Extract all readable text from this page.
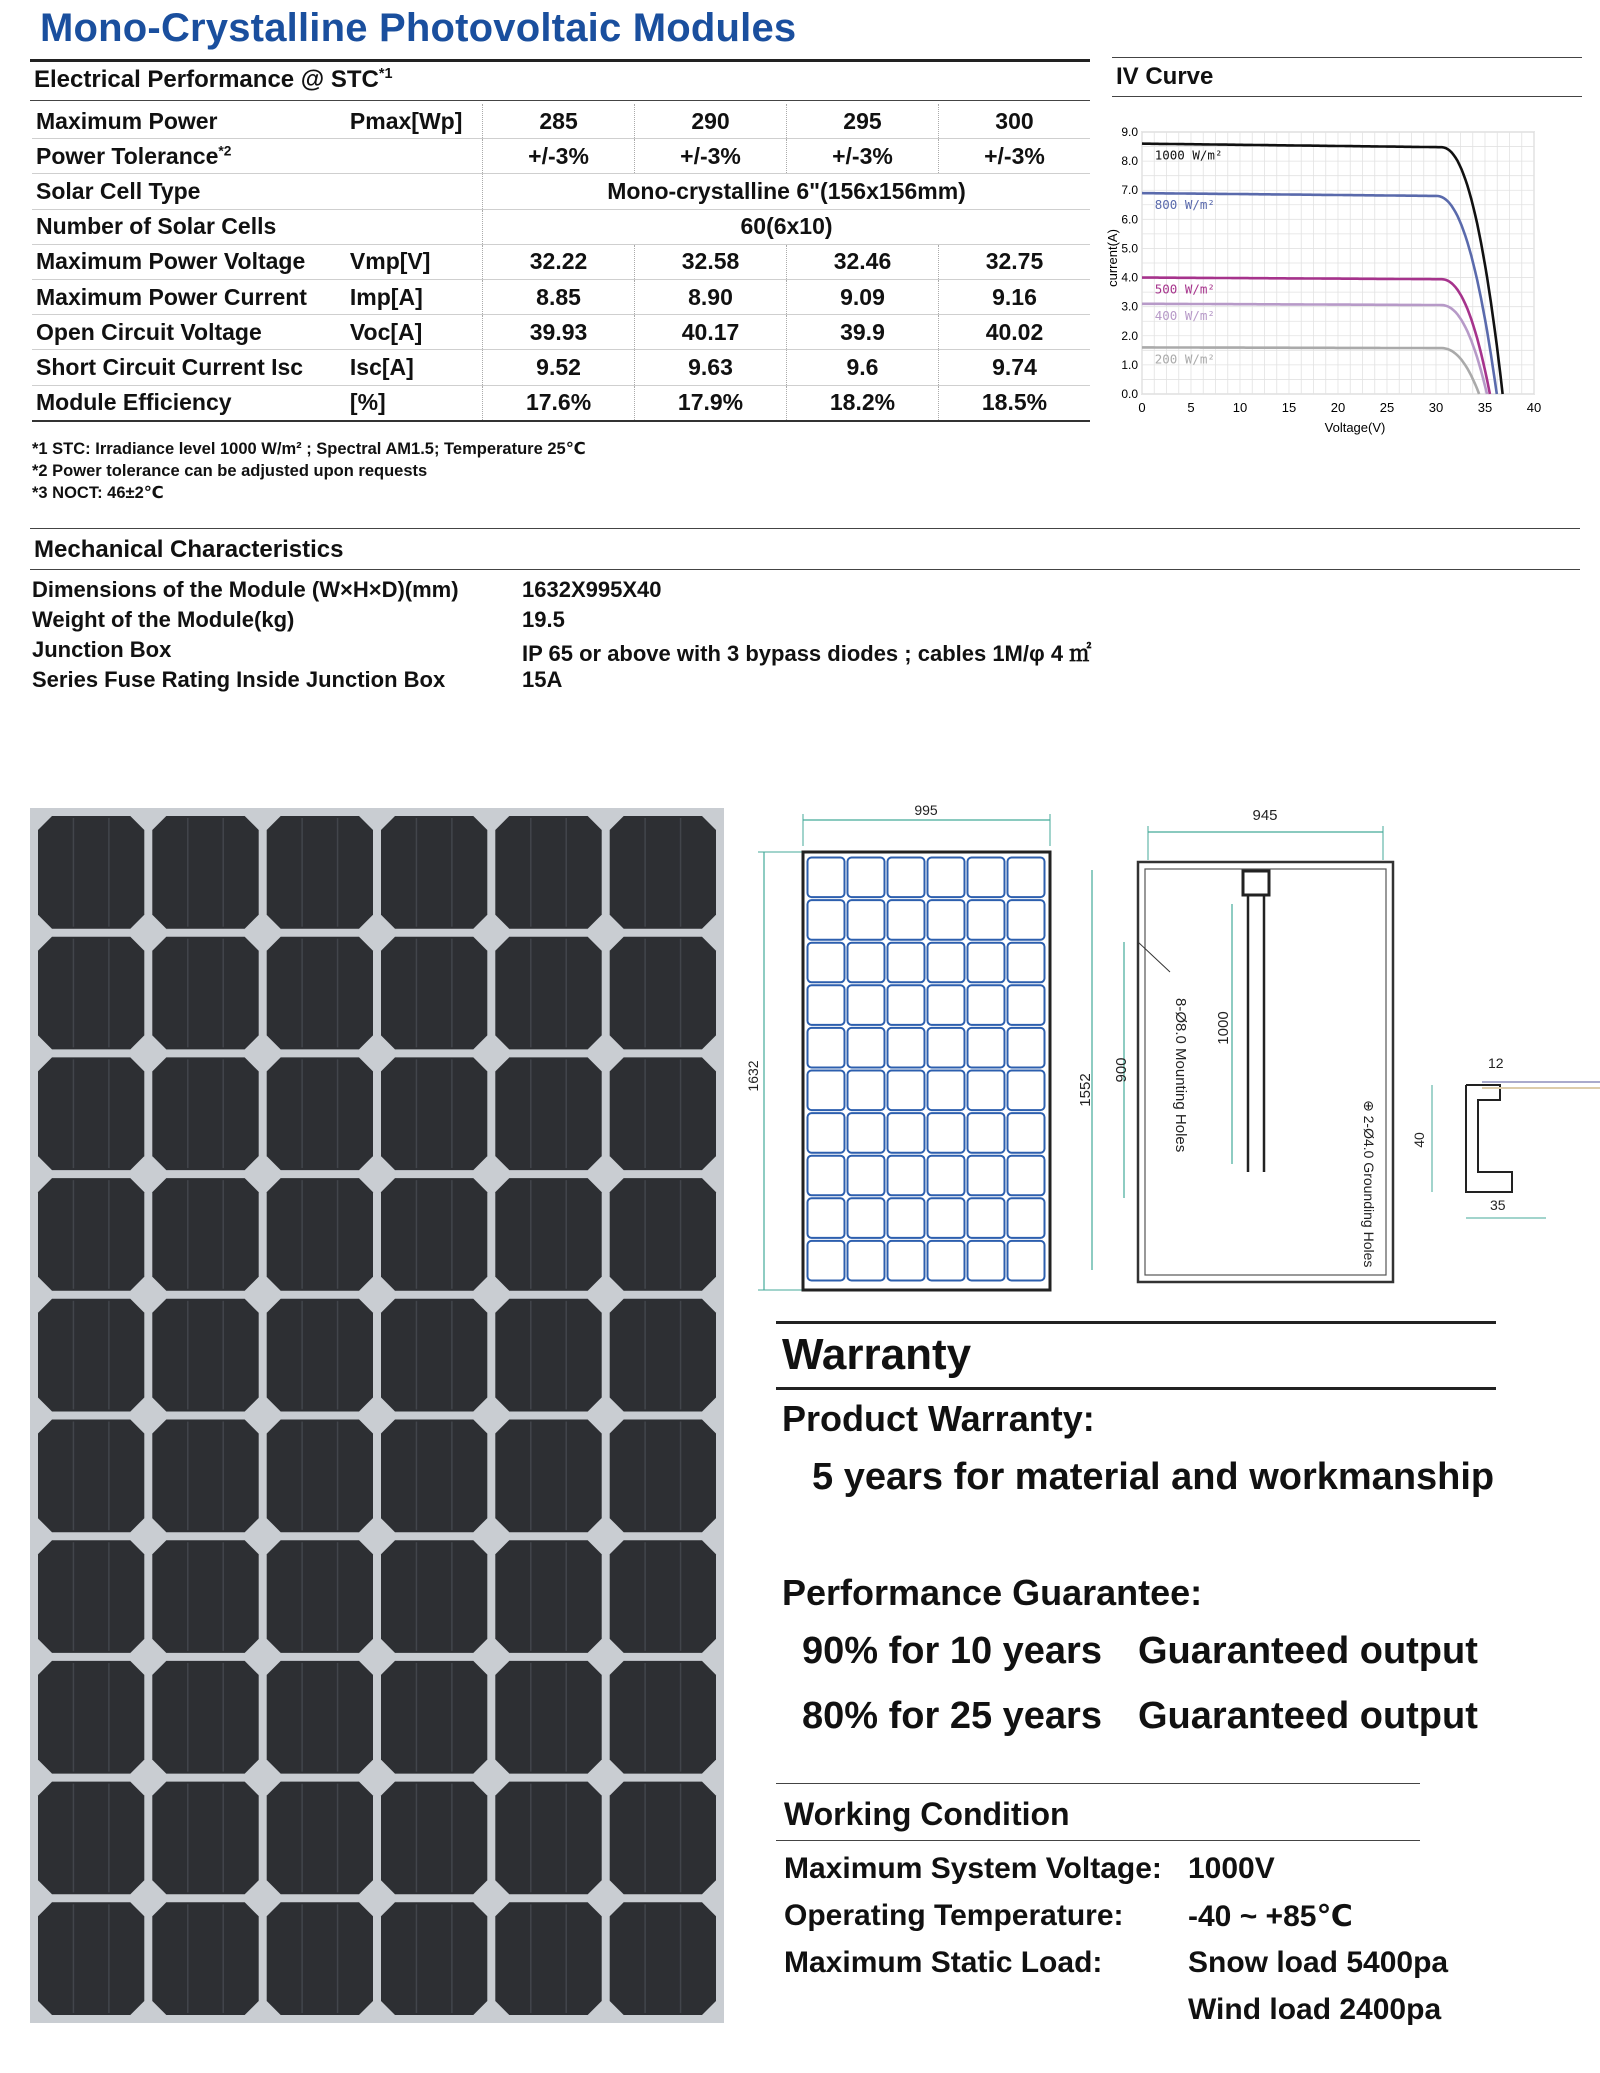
Mono-Crystalline Photovoltaic Modules
Electrical Performance @ STC$^{*1}$
Maximum Power	Pmax[Wp]	285	290	295	300
Power Tolerance$^{*2}$		+/-3%	+/-3%	+/-3%	+/-3%
Solar Cell Type		Mono-crystalline 6"(156x156mm)			
Number of Solar Cells		60(6x10)			
Maximum Power Voltage	Vmp[V]	32.22	32.58	32.46	32.75
Maximum Power Current	Imp[A]	8.85	8.90	9.09	9.16
Open Circuit Voltage	Voc[A]	39.93	40.17	39.9	40.02
Short Circuit Current Isc	Isc[A]	9.52	9.63	9.6	9.74
Module Efficiency	[%]	17.6%	17.9%	18.2%	18.5%
*1 STC: Irradiance level 1000 W/m² ; Spectral AM1.5; Temperature 25℃
*2 Power tolerance can be adjusted upon requests
*3 NOCT: 46±2℃
IV Curve
0	5	10	15	20	25	30	35	40
0.0
1.0
2.0
3.0
4.0
5.0
6.0
7.0
8.0
9.0
1000 W/m²
800 W/m²
500 W/m²
400 W/m²
200 W/m²
Voltage(V)
current(A)
Mechanical Characteristics
Dimensions of the Module (W×H×D)(mm)	1632X995X40
Weight of the Module(kg)	19.5
Junction Box	IP 65 or above with 3 bypass diodes ; cables 1M/φ 4 ㎡
Series Fuse Rating Inside Junction Box	15A
995
1632
945
1552
900	8-Ø8.0 Mounting Holes 1000
⊕ 2-Ø4.0 Grounding Holes
12
40
35
Warranty
Product Warranty:
5 years for material and workmanship
Performance Guarantee:
90% for 10 years Guaranteed output
80% for 25 years Guaranteed output
Working Condition
Maximum System Voltage: 1000V
Operating Temperature: -40 ~ +85℃
Maximum Static Load:	Snow load 5400pa
Wind load 2400pa
